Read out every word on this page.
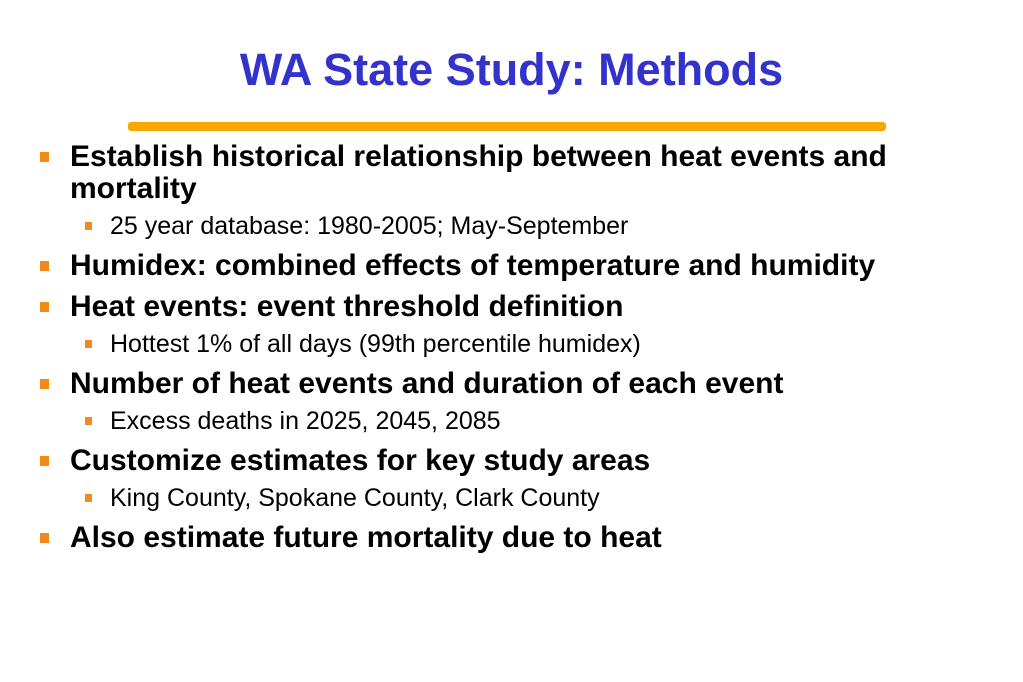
WA State Study: Methods
Establish historical relationship between heat events and mortality
25 year database: 1980-2005; May-September
Humidex: combined effects of temperature and humidity
Heat events: event threshold definition
Hottest 1% of all days (99th percentile humidex)
Number of heat events and duration of each event
Excess deaths in 2025, 2045, 2085
Customize estimates for key study areas
King County, Spokane County, Clark County
Also estimate future mortality due to heat
